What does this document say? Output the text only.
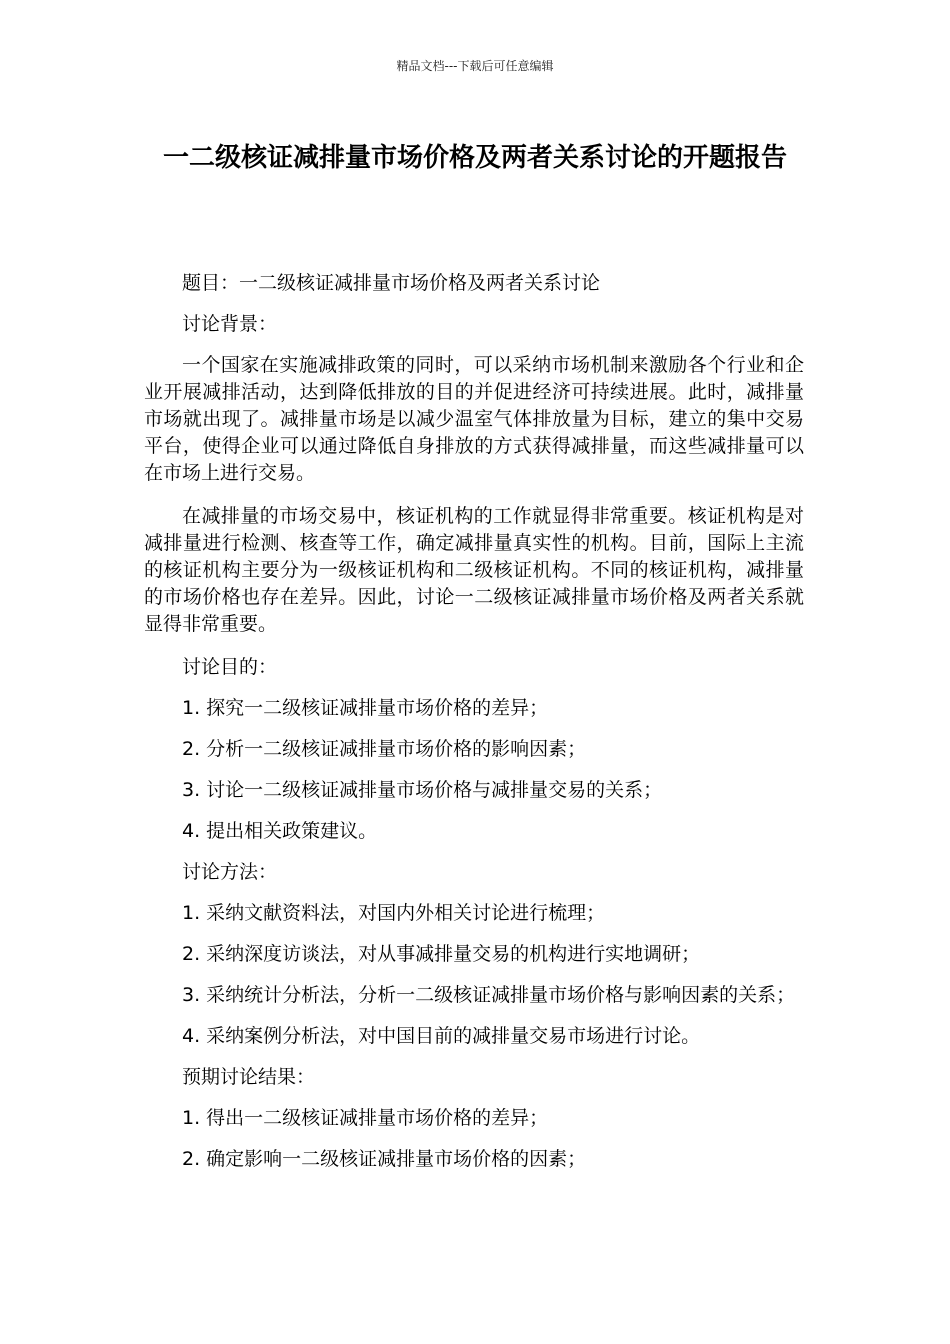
精品文档---下载后可任意编辑
一二级核证减排量市场价格及两者关系讨论的开题报告

题目：一二级核证减排量市场价格及两者关系讨论

讨论背景：

一个国家在实施减排政策的同时，可以采纳市场机制来激励各个行业和企业开展减排活动，达到降低排放的目的并促进经济可持续进展。此时，减排量市场就出现了。减排量市场是以减少温室气体排放量为目标，建立的集中交易平台，使得企业可以通过降低自身排放的方式获得减排量，而这些减排量可以在市场上进行交易。

在减排量的市场交易中，核证机构的工作就显得非常重要。核证机构是对减排量进行检测、核查等工作，确定减排量真实性的机构。目前，国际上主流的核证机构主要分为一级核证机构和二级核证机构。不同的核证机构，减排量的市场价格也存在差异。因此，讨论一二级核证减排量市场价格及两者关系就显得非常重要。

讨论目的：

1. 探究一二级核证减排量市场价格的差异；

2. 分析一二级核证减排量市场价格的影响因素；

3. 讨论一二级核证减排量市场价格与减排量交易的关系；

4. 提出相关政策建议。

讨论方法：

1. 采纳文献资料法，对国内外相关讨论进行梳理；

2. 采纳深度访谈法，对从事减排量交易的机构进行实地调研；

3. 采纳统计分析法，分析一二级核证减排量市场价格与影响因素的关系；

4. 采纳案例分析法，对中国目前的减排量交易市场进行讨论。

预期讨论结果：

1. 得出一二级核证减排量市场价格的差异；

2. 确定影响一二级核证减排量市场价格的因素；
